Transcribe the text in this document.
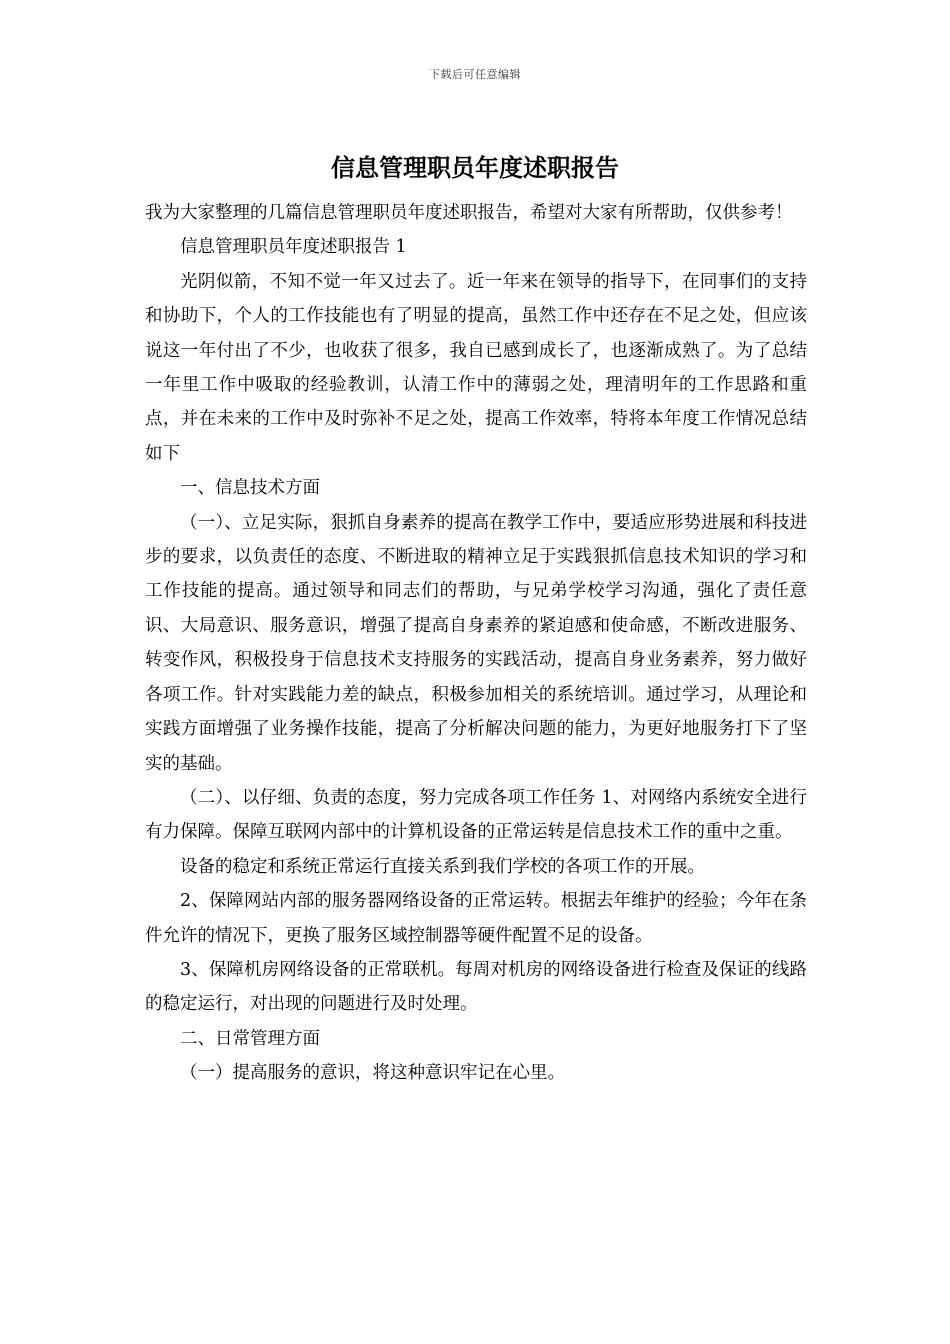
下载后可任意编辑
信息管理职员年度述职报告

我为大家整理的几篇信息管理职员年度述职报告，希望对大家有所帮助，仅供参考！

信息管理职员年度述职报告 1

光阴似箭，不知不觉一年又过去了。近一年来在领导的指导下，在同事们的支持和协助下，个人的工作技能也有了明显的提高，虽然工作中还存在不足之处，但应该说这一年付出了不少，也收获了很多，我自已感到成长了，也逐渐成熟了。为了总结一年里工作中吸取的经验教训，认清工作中的薄弱之处，理清明年的工作思路和重点，并在未来的工作中及时弥补不足之处，提高工作效率，特将本年度工作情况总结如下

一、信息技术方面

（一）、立足实际，狠抓自身素养的提高在教学工作中，要适应形势进展和科技进步的要求，以负责任的态度、不断进取的精神立足于实践狠抓信息技术知识的学习和工作技能的提高。通过领导和同志们的帮助，与兄弟学校学习沟通，强化了责任意识、大局意识、服务意识，增强了提高自身素养的紧迫感和使命感，不断改进服务、转变作风，积极投身于信息技术支持服务的实践活动，提高自身业务素养，努力做好各项工作。针对实践能力差的缺点，积极参加相关的系统培训。通过学习，从理论和实践方面增强了业务操作技能，提高了分析解决问题的能力，为更好地服务打下了坚实的基础。

（二）、以仔细、负责的态度，努力完成各项工作任务 1、对网络内系统安全进行有力保障。保障互联网内部中的计算机设备的正常运转是信息技术工作的重中之重。

设备的稳定和系统正常运行直接关系到我们学校的各项工作的开展。

2、保障网站内部的服务器网络设备的正常运转。根据去年维护的经验；今年在条件允许的情况下，更换了服务区域控制器等硬件配置不足的设备。

3、保障机房网络设备的正常联机。每周对机房的网络设备进行检查及保证的线路的稳定运行，对出现的问题进行及时处理。

二、日常管理方面

（一）提高服务的意识，将这种意识牢记在心里。
